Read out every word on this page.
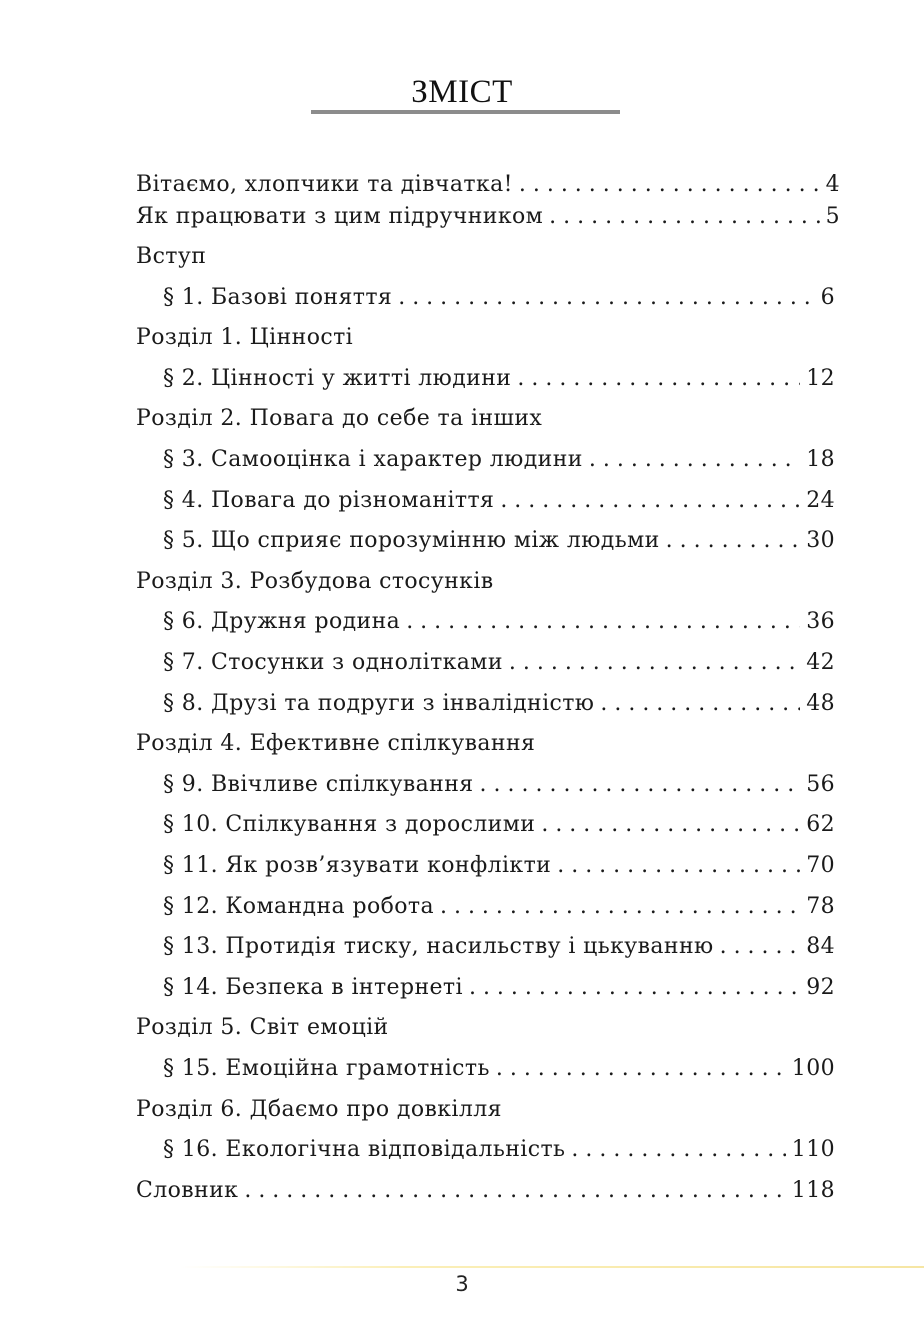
ЗМІСТ
Вітаємо, хлопчики та дівчатка! . . .	4
Як працювати з цим підручником . . .	5
Вступ
§ 1. Базові поняття . . .	6
Розділ 1. Цінності
§ 2. Цінності у житті людини . . .	12
Розділ 2. Повага до себе та інших
§ 3. Самооцінка і характер людини . . .	18
§ 4. Повага до різноманіття . . .	24
§ 5. Що сприяє порозумінню між людьми . . .	30
Розділ 3. Розбудова стосунків
§ 6. Дружня родина . . .	36
§ 7. Стосунки з однолітками . . .	42
§ 8. Друзі та подруги з інвалідністю . . .	48
Розділ 4. Ефективне спілкування
§ 9. Ввічливе спілкування . . .	56
§ 10. Спілкування з дорослими . . .	62
§ 11. Як розв’язувати конфлікти . . .	70
§ 12. Командна робота . . .	78
§ 13. Протидія тиску, насильству і цькуванню . . .	84
§ 14. Безпека в інтернеті . . .	92
Розділ 5. Світ емоцій
§ 15. Емоційна грамотність . . .	100
Розділ 6. Дбаємо про довкілля
§ 16. Екологічна відповідальність . . .	110
Словник . . .	118
3
